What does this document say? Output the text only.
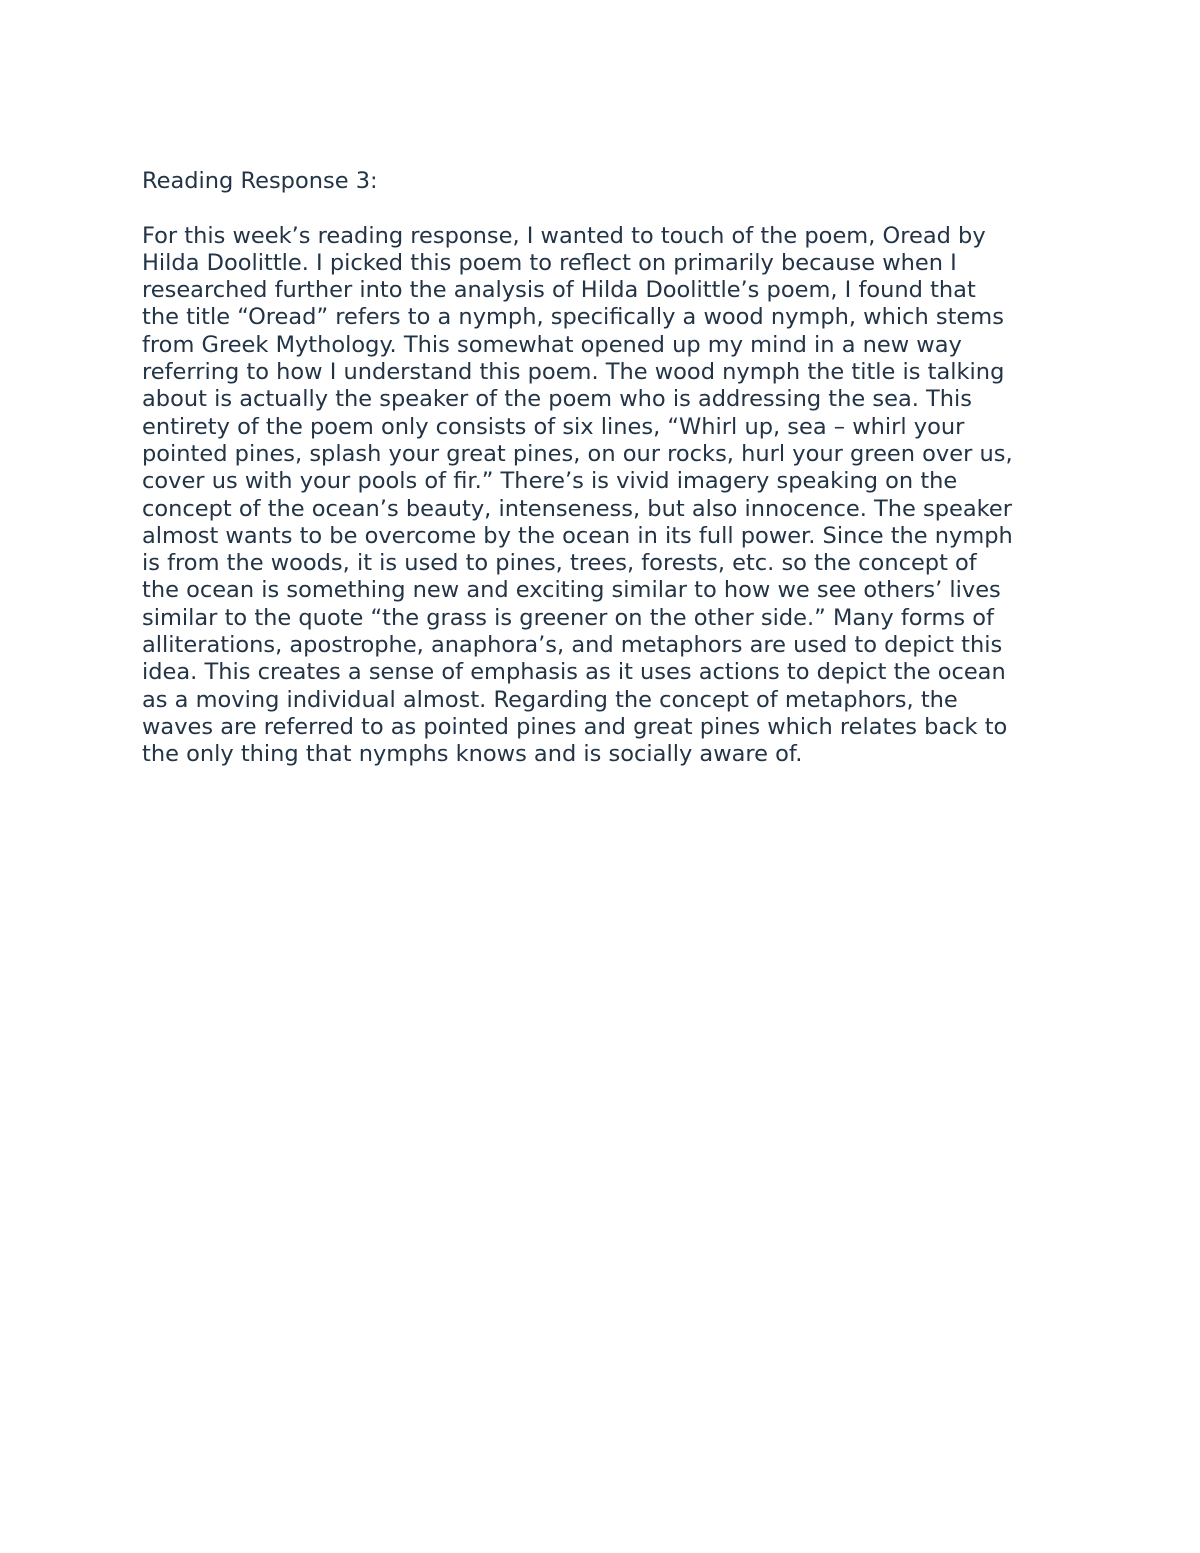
Reading Response 3:
For this week’s reading response, I wanted to touch of the poem, Oread by
Hilda Doolittle. I picked this poem to reflect on primarily because when I
researched further into the analysis of Hilda Doolittle’s poem, I found that
the title “Oread” refers to a nymph, specifically a wood nymph, which stems
from Greek Mythology. This somewhat opened up my mind in a new way
referring to how I understand this poem. The wood nymph the title is talking
about is actually the speaker of the poem who is addressing the sea. This
entirety of the poem only consists of six lines, “Whirl up, sea – whirl your
pointed pines, splash your great pines, on our rocks, hurl your green over us,
cover us with your pools of fir.” There’s is vivid imagery speaking on the
concept of the ocean’s beauty, intenseness, but also innocence. The speaker
almost wants to be overcome by the ocean in its full power. Since the nymph
is from the woods, it is used to pines, trees, forests, etc. so the concept of
the ocean is something new and exciting similar to how we see others’ lives
similar to the quote “the grass is greener on the other side.” Many forms of
alliterations, apostrophe, anaphora’s, and metaphors are used to depict this
idea. This creates a sense of emphasis as it uses actions to depict the ocean
as a moving individual almost. Regarding the concept of metaphors, the
waves are referred to as pointed pines and great pines which relates back to
the only thing that nymphs knows and is socially aware of.
